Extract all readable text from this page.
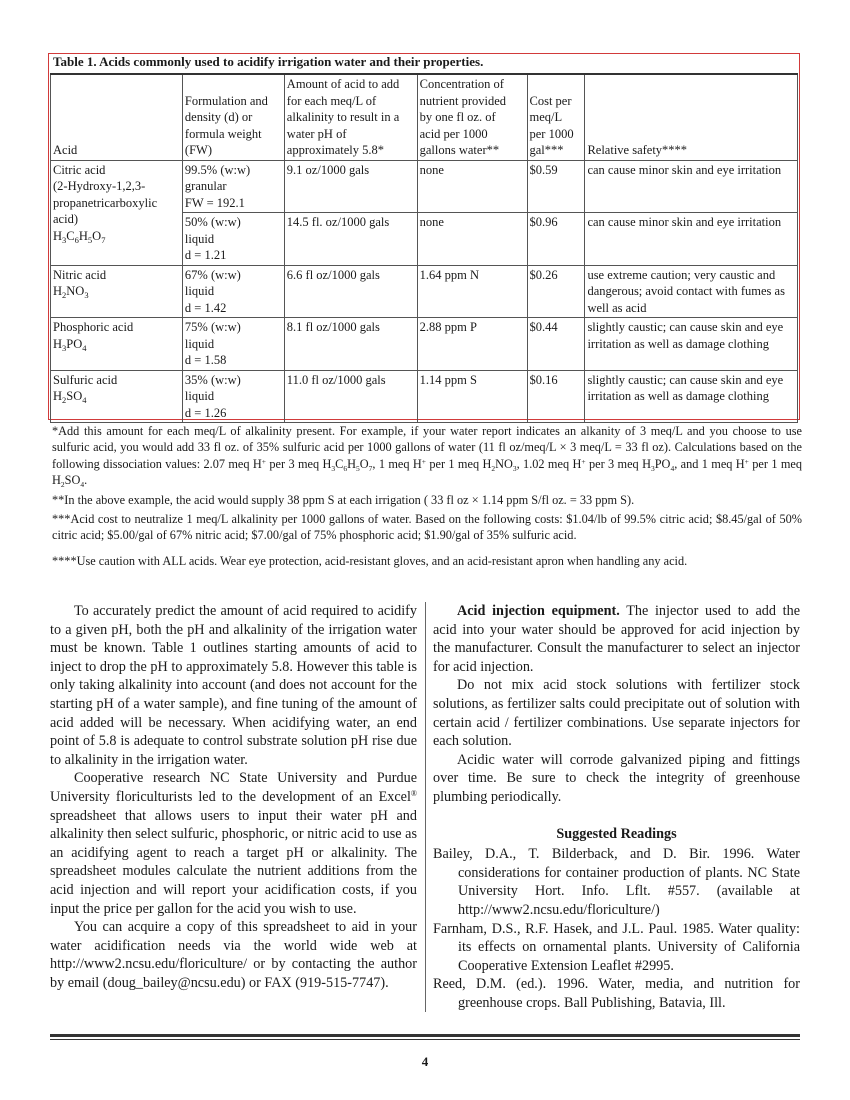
Table 1. Acids commonly used to acidify irrigation water and their properties.
Acid	Formulation and
density (d) or
formula weight
(FW)	Amount of acid to add
for each meq/L of
alkalinity to result in a
water pH of
approximately 5.8*	Concentration of
nutrient provided
by one fl oz. of
acid per 1000
gallons water**	Cost per
meq/L
per 1000
gal***	Relative safety****

Citric acid
(2-Hydroxy-1,2,3-
propanetricarboxylic
acid)
$H_3C_6H_5O_7$	99.5% (w:w)
granular
FW = 192.1	9.1 oz/1000 gals	none	$0.59	can cause minor skin and eye irritation

	50% (w:w)
liquid
d = 1.21	14.5 fl. oz/1000 gals	none	$0.96	can cause minor skin and eye irritation

Nitric acid
$H_2NO_3$	67% (w:w)
liquid
d = 1.42	6.6 fl oz/1000 gals	1.64 ppm N	$0.26	use extreme caution; very caustic and dangerous; avoid contact with fumes as well as acid

Phosphoric acid
$H_3PO_4$	75% (w:w)
liquid
d = 1.58	8.1 fl oz/1000 gals	2.88 ppm P	$0.44	slightly caustic; can cause skin and eye irritation as well as damage clothing

Sulfuric acid
$H_2SO_4$	35% (w:w)
liquid
d = 1.26	11.0 fl oz/1000 gals	1.14 ppm S	$0.16	slightly caustic; can cause skin and eye irritation as well as damage clothing

*Add this amount for each meq/L of alkalinity present. For example, if your water report indicates an alkanity of 3 meq/L and you choose to use sulfuric acid, you would add 33 fl oz. of 35% sulfuric acid per 1000 gallons of water (11 fl oz/meq/L × 3 meq/L = 33 fl oz). Calculations based on the following dissociation values: 2.07 meq H+ per 3 meq $H_3C_6H_5O_7$, 1 meq H+ per 1 meq $H_2NO_3$, 1.02 meq H+ per 3 meq $H_3PO_4$, and 1 meq H+ per 1 meq $H_2SO_4$.

**In the above example, the acid would supply 38 ppm S at each irrigation ( 33 fl oz × 1.14 ppm S/fl oz. = 33 ppm S).

***Acid cost to neutralize 1 meq/L alkalinity per 1000 gallons of water. Based on the following costs: $1.04/lb of 99.5% citric acid; $8.45/gal of 50% citric acid; $5.00/gal of 67% nitric acid; $7.00/gal of 75% phosphoric acid; $1.90/gal of 35% sulfuric acid.

****Use caution with ALL acids. Wear eye protection, acid-resistant gloves, and an acid-resistant apron when handling any acid.

To accurately predict the amount of acid required to acidify to a given pH, both the pH and alkalinity of the irrigation water must be known. Table 1 outlines starting amounts of acid to inject to drop the pH to approximately 5.8. However this table is only taking alkalinity into account (and does not account for the starting pH of a water sample), and fine tuning of the amount of acid added will be necessary. When acidifying water, an end point of 5.8 is adequate to control substrate solution pH rise due to alkalinity in the irrigation water.

Cooperative research NC State University and Purdue University floriculturists led to the development of an Excel® spreadsheet that allows users to input their water pH and alkalinity then select sulfuric, phosphoric, or nitric acid to use as an acidifying agent to reach a target pH or alkalinity. The spreadsheet modules calculate the nutrient additions from the acid injection and will report your acidification costs, if you input the price per gallon for the acid you wish to use.

You can acquire a copy of this spreadsheet to aid in your water acidification needs via the world wide web at http://www2.ncsu.edu/floriculture/ or by contacting the author by email (doug_bailey@ncsu.edu) or FAX (919-515-7747).

Acid injection equipment. The injector used to add the acid into your water should be approved for acid injection by the manufacturer. Consult the manufacturer to select an injector for acid injection.

Do not mix acid stock solutions with fertilizer stock solutions, as fertilizer salts could precipitate out of solution with certain acid / fertilizer combinations. Use separate injectors for each solution.

Acidic water will corrode galvanized piping and fittings over time. Be sure to check the integrity of greenhouse plumbing periodically.

Suggested Readings

Bailey, D.A., T. Bilderback, and D. Bir. 1996. Water considerations for container production of plants. NC State University Hort. Info. Lflt. #557. (available at http://www2.ncsu.edu/floriculture/)

Farnham, D.S., R.F. Hasek, and J.L. Paul. 1985. Water quality: its effects on ornamental plants. University of California Cooperative Extension Leaflet #2995.

Reed, D.M. (ed.). 1996. Water, media, and nutrition for greenhouse crops. Ball Publishing, Batavia, Ill.

4
